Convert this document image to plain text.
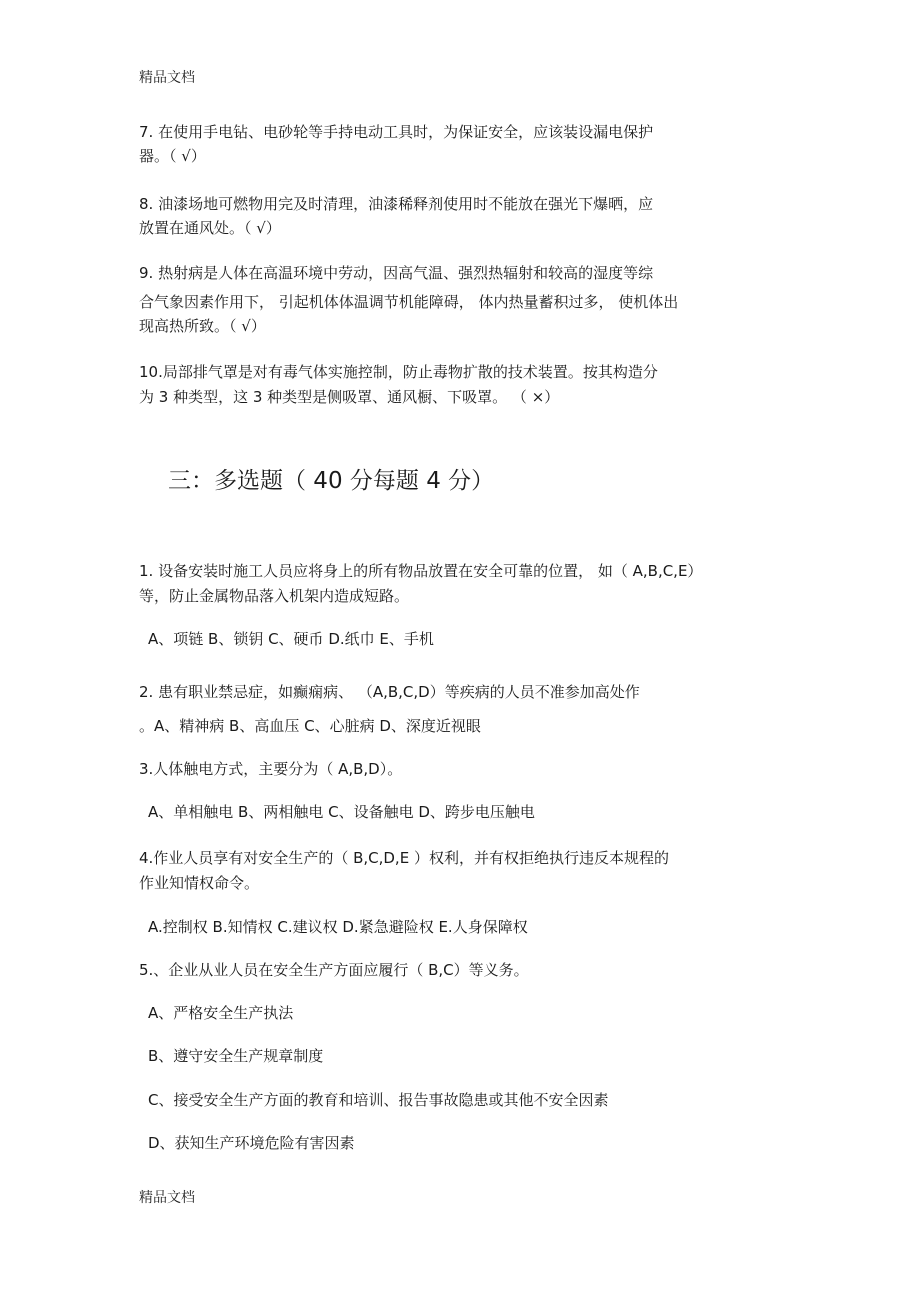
精品文档
7. 在使用手电钻、电砂轮等手持电动工具时，为保证安全，应该装设漏电保护
器。（ √）
8. 油漆场地可燃物用完及时清理，油漆稀释剂使用时不能放在强光下爆晒，应
放置在通风处。（ √）
9. 热射病是人体在高温环境中劳动，因高气温、强烈热辐射和较高的湿度等综
合气象因素作用下， 引起机体体温调节机能障碍， 体内热量蓄积过多， 使机体出
现高热所致。（ √）
10.局部排气罩是对有毒气体实施控制，防止毒物扩散的技术装置。按其构造分
为 3 种类型，这 3 种类型是侧吸罩、通风橱、下吸罩。 （ ×）
三：多选题（ 40 分每题 4 分）
1. 设备安装时施工人员应将身上的所有物品放置在安全可靠的位置， 如（ A,B,C,E）
等，防止金属物品落入机架内造成短路。
A、项链 B、锁钥 C、硬币 D.纸巾 E、手机
2. 患有职业禁忌症，如癫痫病、 （A,B,C,D）等疾病的人员不准参加高处作
。A、精神病 B、高血压 C、心脏病 D、深度近视眼
3.人体触电方式，主要分为（ A,B,D）。
A、单相触电 B、两相触电 C、设备触电 D、跨步电压触电
4.作业人员享有对安全生产的（ B,C,D,E ）权利，并有权拒绝执行违反本规程的
作业知情权命令。
A.控制权 B.知情权 C.建议权 D.紧急避险权 E.人身保障权
5.、企业从业人员在安全生产方面应履行（ B,C）等义务。
A、严格安全生产执法
B、遵守安全生产规章制度
C、接受安全生产方面的教育和培训、报告事故隐患或其他不安全因素
D、获知生产环境危险有害因素
精品文档
